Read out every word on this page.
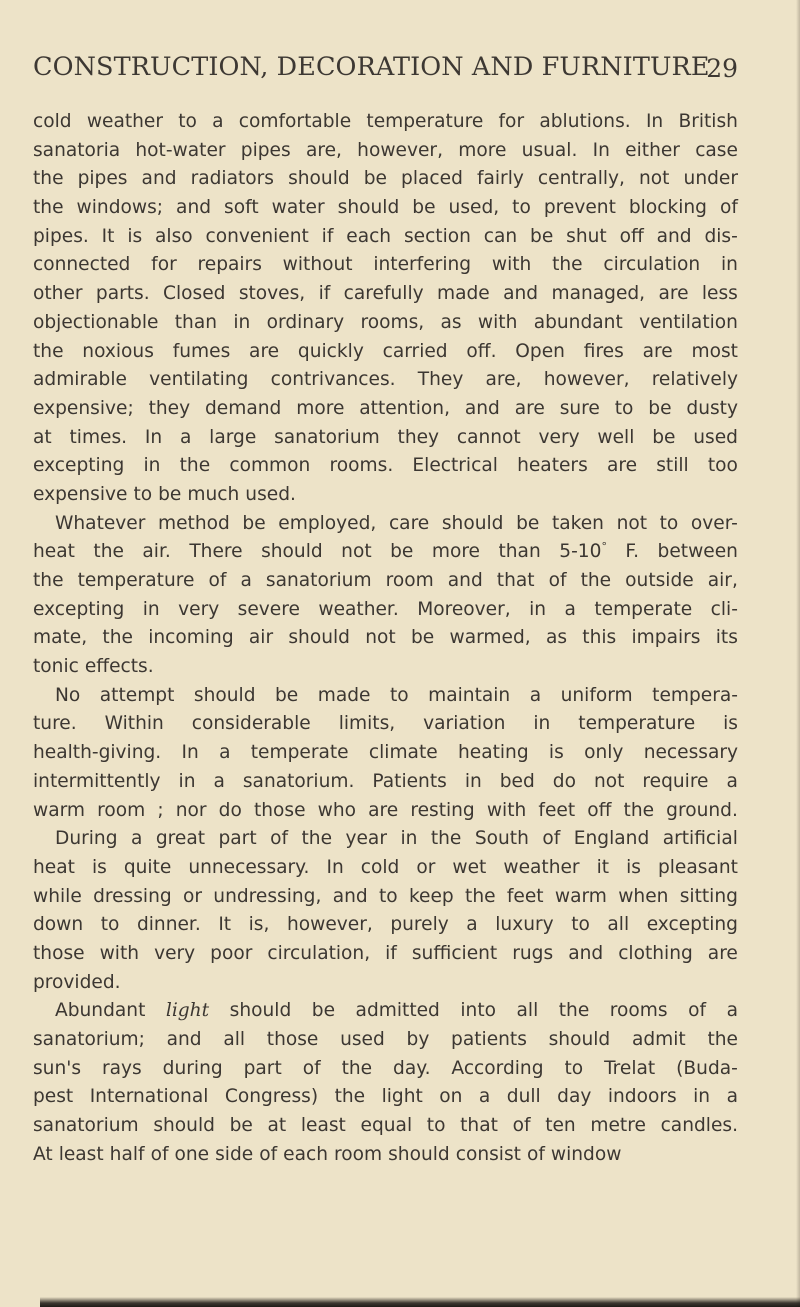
CONSTRUCTION, DECORATION AND FURNITURE
29
cold weather to a comfortable temperature for ablutions. In British
sanatoria hot-water pipes are, however, more usual. In either case
the pipes and radiators should be placed fairly centrally, not under
the windows; and soft water should be used, to prevent blocking of
pipes. It is also convenient if each section can be shut off and dis-
connected for repairs without interfering with the circulation in
other parts. Closed stoves, if carefully made and managed, are less
objectionable than in ordinary rooms, as with abundant ventilation
the noxious fumes are quickly carried off. Open fires are most
admirable ventilating contrivances. They are, however, relatively
expensive; they demand more attention, and are sure to be dusty
at times. In a large sanatorium they cannot very well be used
excepting in the common rooms. Electrical heaters are still too
expensive to be much used.
Whatever method be employed, care should be taken not to over-
heat the air. There should not be more than 5-10° F. between
the temperature of a sanatorium room and that of the outside air,
excepting in very severe weather. Moreover, in a temperate cli-
mate, the incoming air should not be warmed, as this impairs its
tonic effects.
No attempt should be made to maintain a uniform tempera-
ture. Within considerable limits, variation in temperature is
health-giving. In a temperate climate heating is only necessary
intermittently in a sanatorium. Patients in bed do not require a
warm room ; nor do those who are resting with feet off the ground.
During a great part of the year in the South of England artificial
heat is quite unnecessary. In cold or wet weather it is pleasant
while dressing or undressing, and to keep the feet warm when sitting
down to dinner. It is, however, purely a luxury to all excepting
those with very poor circulation, if sufficient rugs and clothing are
provided.
Abundant light should be admitted into all the rooms of a
sanatorium; and all those used by patients should admit the
sun's rays during part of the day. According to Trelat (Buda-
pest International Congress) the light on a dull day indoors in a
sanatorium should be at least equal to that of ten metre candles.
At least half of one side of each room should consist of window
